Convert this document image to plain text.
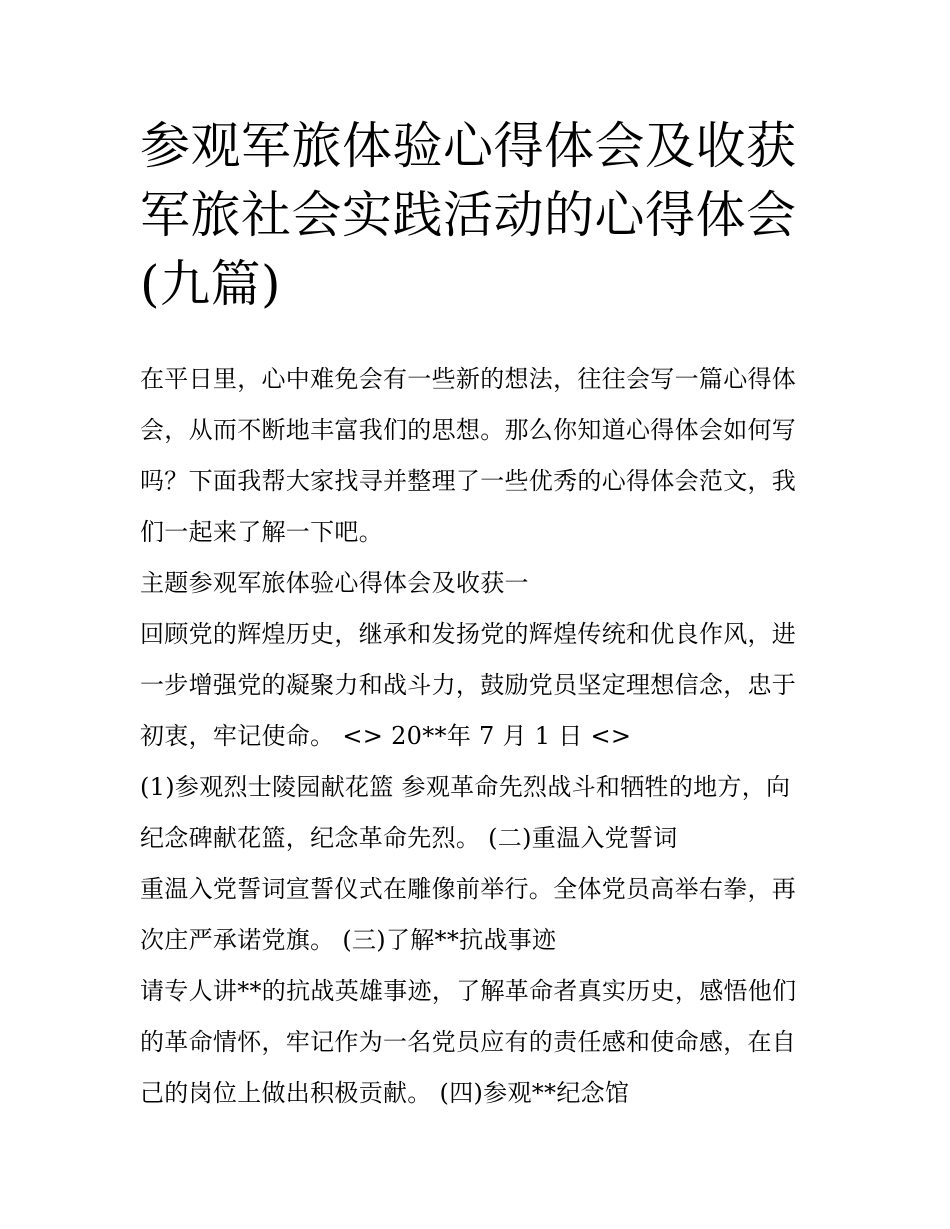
参观军旅体验心得体会及收获
军旅社会实践活动的心得体会
(九篇)
在平日里，心中难免会有一些新的想法，往往会写一篇心得体
会，从而不断地丰富我们的思想。那么你知道心得体会如何写
吗？下面我帮大家找寻并整理了一些优秀的心得体会范文，我
们一起来了解一下吧。
主题参观军旅体验心得体会及收获一
回顾党的辉煌历史，继承和发扬党的辉煌传统和优良作风，进
一步增强党的凝聚力和战斗力，鼓励党员坚定理想信念，忠于
初衷，牢记使命。 <> 20**年 7 月 1 日 <>
(1)参观烈士陵园献花篮 参观革命先烈战斗和牺牲的地方，向
纪念碑献花篮，纪念革命先烈。 (二)重温入党誓词
重温入党誓词宣誓仪式在雕像前举行。全体党员高举右拳，再
次庄严承诺党旗。 (三)了解**抗战事迹
请专人讲**的抗战英雄事迹，了解革命者真实历史，感悟他们
的革命情怀，牢记作为一名党员应有的责任感和使命感，在自
己的岗位上做出积极贡献。 (四)参观**纪念馆
